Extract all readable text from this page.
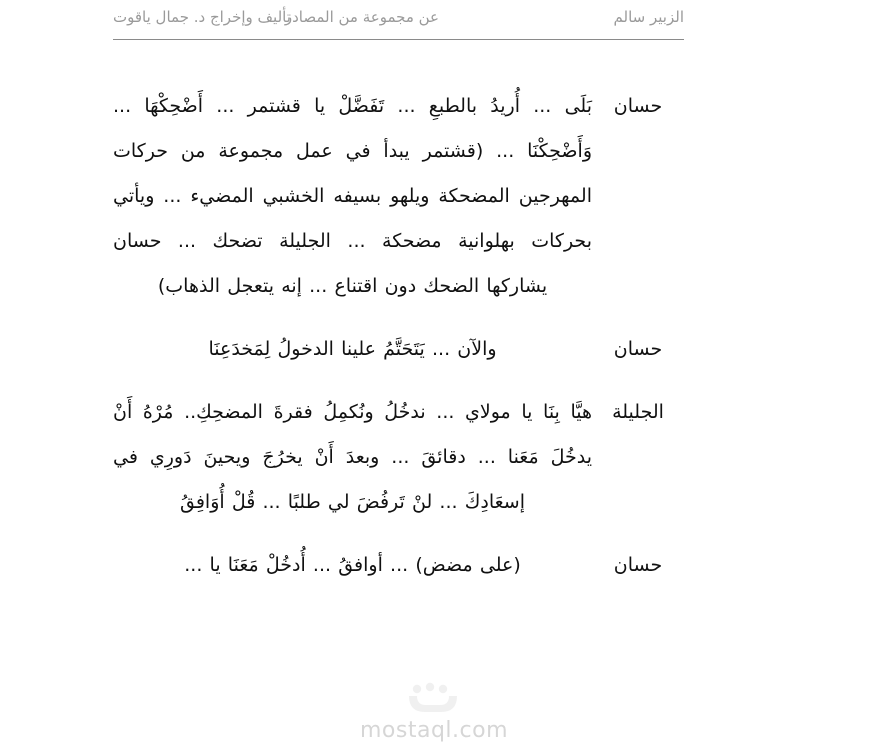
mostaql.com
الزبير سالم
عن مجموعة من المصادر
تأليف وإخراج د. جمال ياقوت
حسان
بَلَى ... أُريدُ بالطبعِ ... تَفَضَّلْ يا قشتمر ... أَضْحِكْهَا ... وَأَضْحِكْنَا ... (قشتمر يبدأ في عمل مجموعة من حركات المهرجين المضحكة ويلهو بسيفه الخشبي المضيء ... ويأتي بحركات بهلوانية مضحكة ... الجليلة تضحك ... حسان يشاركها الضحك دون اقتناع ... إنه يتعجل الذهاب)
حسان
والآن ... يَتَحَتَّمُ علينا الدخولُ لِمَخدَعِنَا
الجليلة
هيَّا بِنَا يا مولاي ... ندخُلُ ونُكمِلُ فقرةَ المضحِكِ.. مُرْهُ أَنْ يدخُلَ مَعَنا ... دقائقَ ... وبعدَ أَنْ يخرُجَ ويحينَ دَورِي في إسعَادِكَ ... لنْ تَرفُضَ لي طلبًا ... قُلْ أُوَافِقُ
حسان
(على مضض) ... أوافقُ ... أُدخُلْ مَعَنَا يا ...
